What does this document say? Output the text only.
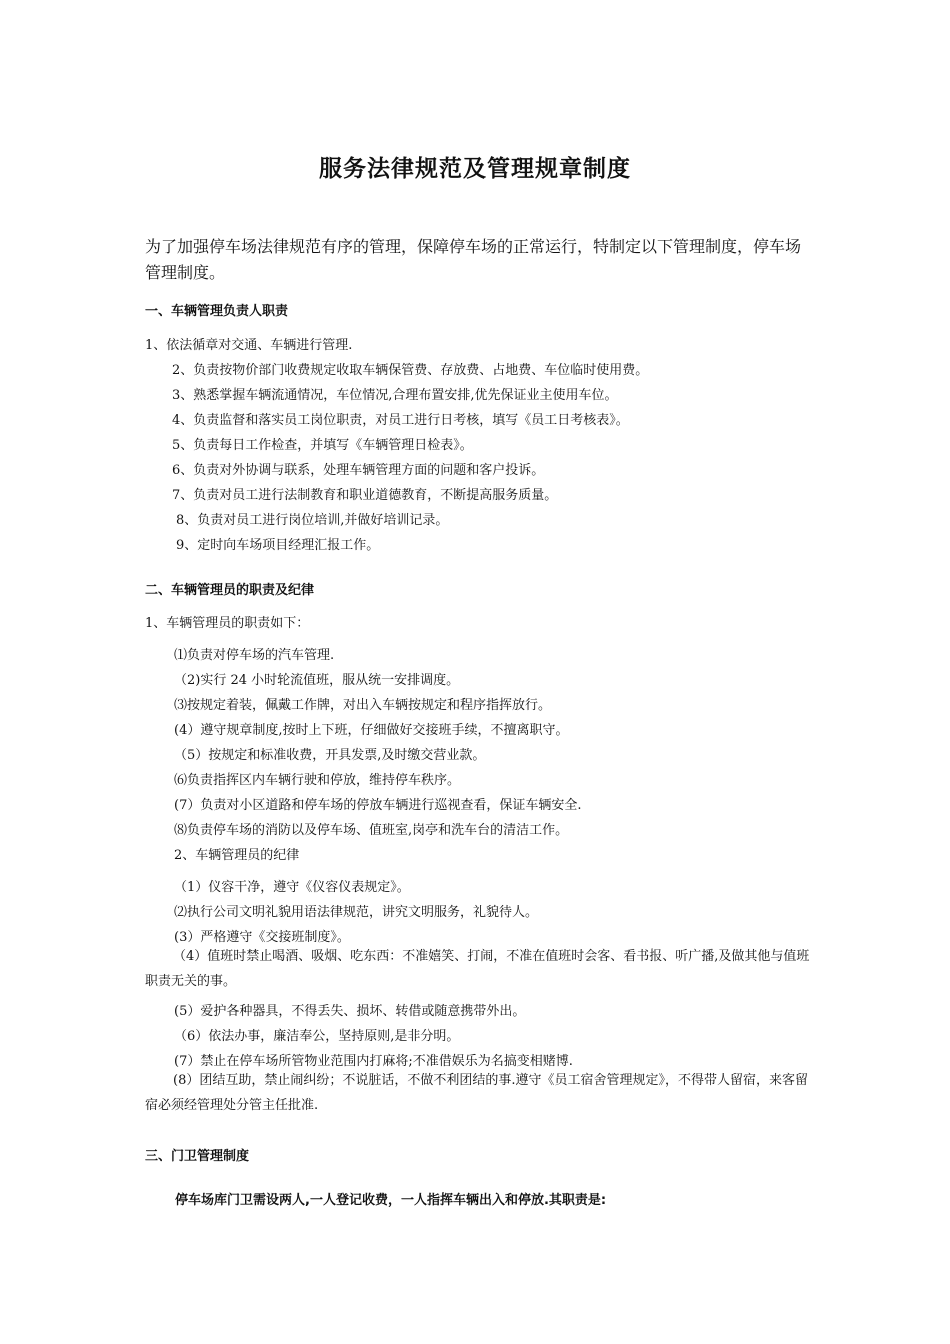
服务法律规范及管理规章制度

为了加强停车场法律规范有序的管理，保障停车场的正常运行，特制定以下管理制度，停车场管理制度。

一、车辆管理负责人职责

1、依法循章对交通、车辆进行管理.

2、负责按物价部门收费规定收取车辆保管费、存放费、占地费、车位临时使用费。

3、熟悉掌握车辆流通情况，车位情况,合理布置安排,优先保证业主使用车位。

4、负责监督和落实员工岗位职责，对员工进行日考核，填写《员工日考核表》。

5、负责每日工作检查，并填写《车辆管理日检表》。

6、负责对外协调与联系，处理车辆管理方面的问题和客户投诉。

7、负责对员工进行法制教育和职业道德教育，不断提高服务质量。

8、负责对员工进行岗位培训,并做好培训记录。

9、定时向车场项目经理汇报工作。

二、车辆管理员的职责及纪律

1、车辆管理员的职责如下：

⑴负责对停车场的汽车管理.

（2)实行 24 小时轮流值班，服从统一安排调度。

⑶按规定着装，佩戴工作牌，对出入车辆按规定和程序指挥放行。

(4）遵守规章制度,按时上下班，仔细做好交接班手续，不擅离职守。

（5）按规定和标准收费，开具发票,及时缴交营业款。

⑹负责指挥区内车辆行驶和停放，维持停车秩序。

(7）负责对小区道路和停车场的停放车辆进行巡视查看，保证车辆安全.

⑻负责停车场的消防以及停车场、值班室,岗亭和洗车台的清洁工作。

2、车辆管理员的纪律

（1）仪容干净，遵守《仪容仪表规定》。

⑵执行公司文明礼貌用语法律规范，讲究文明服务，礼貌待人。

(3）严格遵守《交接班制度》。

（4）值班时禁止喝酒、吸烟、吃东西：不准嬉笑、打闹，不准在值班时会客、看书报、听广播,及做其他与值班职责无关的事。

(5）爱护各种器具，不得丢失、损坏、转借或随意携带外出。

（6）依法办事，廉洁奉公，坚持原则,是非分明。

(7）禁止在停车场所管物业范围内打麻将;不准借娱乐为名搞变相赌博.

(8）团结互助，禁止闹纠纷；不说脏话，不做不利团结的事.遵守《员工宿舍管理规定》，不得带人留宿，来客留宿必须经管理处分管主任批准.

三、门卫管理制度

停车场库门卫需设两人,一人登记收费，一人指挥车辆出入和停放.其职责是:
